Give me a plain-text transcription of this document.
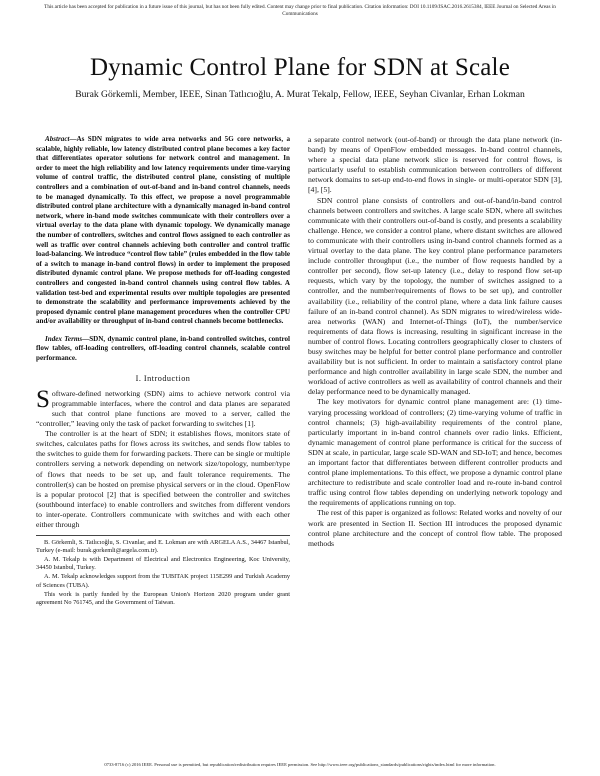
This article has been accepted for publication in a future issue of this journal, but has not been fully edited. Content may change prior to final publication. Citation information: DOI 10.1109/JSAC.2016.2615384, IEEE Journal on Selected Areas in Communications
Dynamic Control Plane for SDN at Scale
Burak Görkemli, Member, IEEE, Sinan Tatlıcıoğlu, A. Murat Tekalp, Fellow, IEEE, Seyhan Civanlar, Erhan Lokman

Abstract—As SDN migrates to wide area networks and 5G core networks, a scalable, highly reliable, low latency distributed control plane becomes a key factor that differentiates operator solutions for network control and management. In order to meet the high reliability and low latency requirements under time-varying volume of control traffic, the distributed control plane, consisting of multiple controllers and a combination of out-of-band and in-band control channels, needs to be managed dynamically. To this effect, we propose a novel programmable distributed control plane architecture with a dynamically managed in-band control network, where in-band mode switches communicate with their controllers over a virtual overlay to the data plane with dynamic topology. We dynamically manage the number of controllers, switches and control flows assigned to each controller as well as traffic over control channels achieving both controller and control traffic load-balancing. We introduce “control flow table” (rules embedded in the flow table of a switch to manage in-band control flows) in order to implement the proposed distributed dynamic control plane. We propose methods for off-loading congested controllers and congested in-band control channels using control flow tables. A validation test-bed and experimental results over multiple topologies are presented to demonstrate the scalability and performance improvements achieved by the proposed dynamic control plane management procedures when the controller CPU and/or availability or throughput of in-band control channels become bottlenecks.

Index Terms—SDN, dynamic control plane, in-band controlled switches, control flow tables, off-loading controllers, off-loading control channels, scalable control performance.

I. Introduction

Software-defined networking (SDN) aims to achieve network control via programmable interfaces, where the control and data planes are separated such that control plane functions are moved to a server, called the “controller,” leaving only the task of packet forwarding to switches [1].

The controller is at the heart of SDN; it establishes flows, monitors state of switches, calculates paths for flows across its switches, and sends flow tables to the switches to guide them for forwarding packets. There can be single or multiple controllers serving a network depending on network size/topology, number/type of flows that needs to be set up, and fault tolerance requirements. The controller(s) can be hosted on premise physical servers or in the cloud. OpenFlow is a popular protocol [2] that is specified between the controller and switches (southbound interface) to enable controllers and switches from different vendors to inter-operate. Controllers communicate with switches and with each other either through

B. Görkemli, S. Tatlıcıoğlu, S. Civanlar, and E. Lokman are with ARGELA A.S., 34467 Istanbul, Turkey (e-mail: burak.gorkemli@argela.com.tr).

A. M. Tekalp is with Department of Electrical and Electronics Engineering, Koc University, 34450 Istanbul, Turkey.

A. M. Tekalp acknowledges support from the TUBITAK project 115E299 and Turkish Academy of Sciences (TUBA).

This work is partly funded by the European Union's Horizon 2020 program under grant agreement No 761745, and the Government of Taiwan.

a separate control network (out-of-band) or through the data plane network (in-band) by means of OpenFlow embedded messages. In-band control channels, where a special data plane network slice is reserved for control flows, is particularly useful to establish communication between controllers of different network domains to set-up end-to-end flows in single- or multi-operator SDN [3], [4], [5].

SDN control plane consists of controllers and out-of-band/in-band control channels between controllers and switches. A large scale SDN, where all switches communicate with their controllers out-of-band is costly, and presents a scalability challenge. Hence, we consider a control plane, where distant switches are allowed to communicate with their controllers using in-band control channels formed as a virtual overlay to the data plane. The key control plane performance parameters include controller throughput (i.e., the number of flow requests handled by a controller per second), flow set-up latency (i.e., delay to respond flow set-up requests, which vary by the topology, the number of switches assigned to a controller, and the number/requirements of flows to be set up), and controller availability (i.e., reliability of the control plane, where a data link failure causes failure of an in-band control channel). As SDN migrates to wired/wireless wide-area networks (WAN) and Internet-of-Things (IoT), the number/service requirements of data flows is increasing, resulting in significant increase in the number of control flows. Locating controllers geographically closer to clusters of busy switches may be helpful for better control plane performance and controller availability but is not sufficient. In order to maintain a satisfactory control plane performance and high controller availability in large scale SDN, the number and workload of active controllers as well as availability of control channels and their delay performance need to be dynamically managed.

The key motivators for dynamic control plane management are: (1) time-varying processing workload of controllers; (2) time-varying volume of traffic in control channels; (3) high-availability requirements of the control plane, particularly important in in-band control channels over radio links. Efficient, dynamic management of control plane performance is critical for the success of SDN at scale, in particular, large scale SD-WAN and SD-IoT; and hence, becomes an important factor that differentiates between different controller products and control plane implementations. To this effect, we propose a dynamic control plane architecture to redistribute and scale controller load and re-route in-band control traffic using control flow tables depending on underlying network topology and the requirements of applications running on top.

The rest of this paper is organized as follows: Related works and novelty of our work are presented in Section II. Section III introduces the proposed dynamic control plane architecture and the concept of control flow table. The proposed methods

0733-8716 (c) 2016 IEEE. Personal use is permitted, but republication/redistribution requires IEEE permission. See http://www.ieee.org/publications_standards/publications/rights/index.html for more information.
